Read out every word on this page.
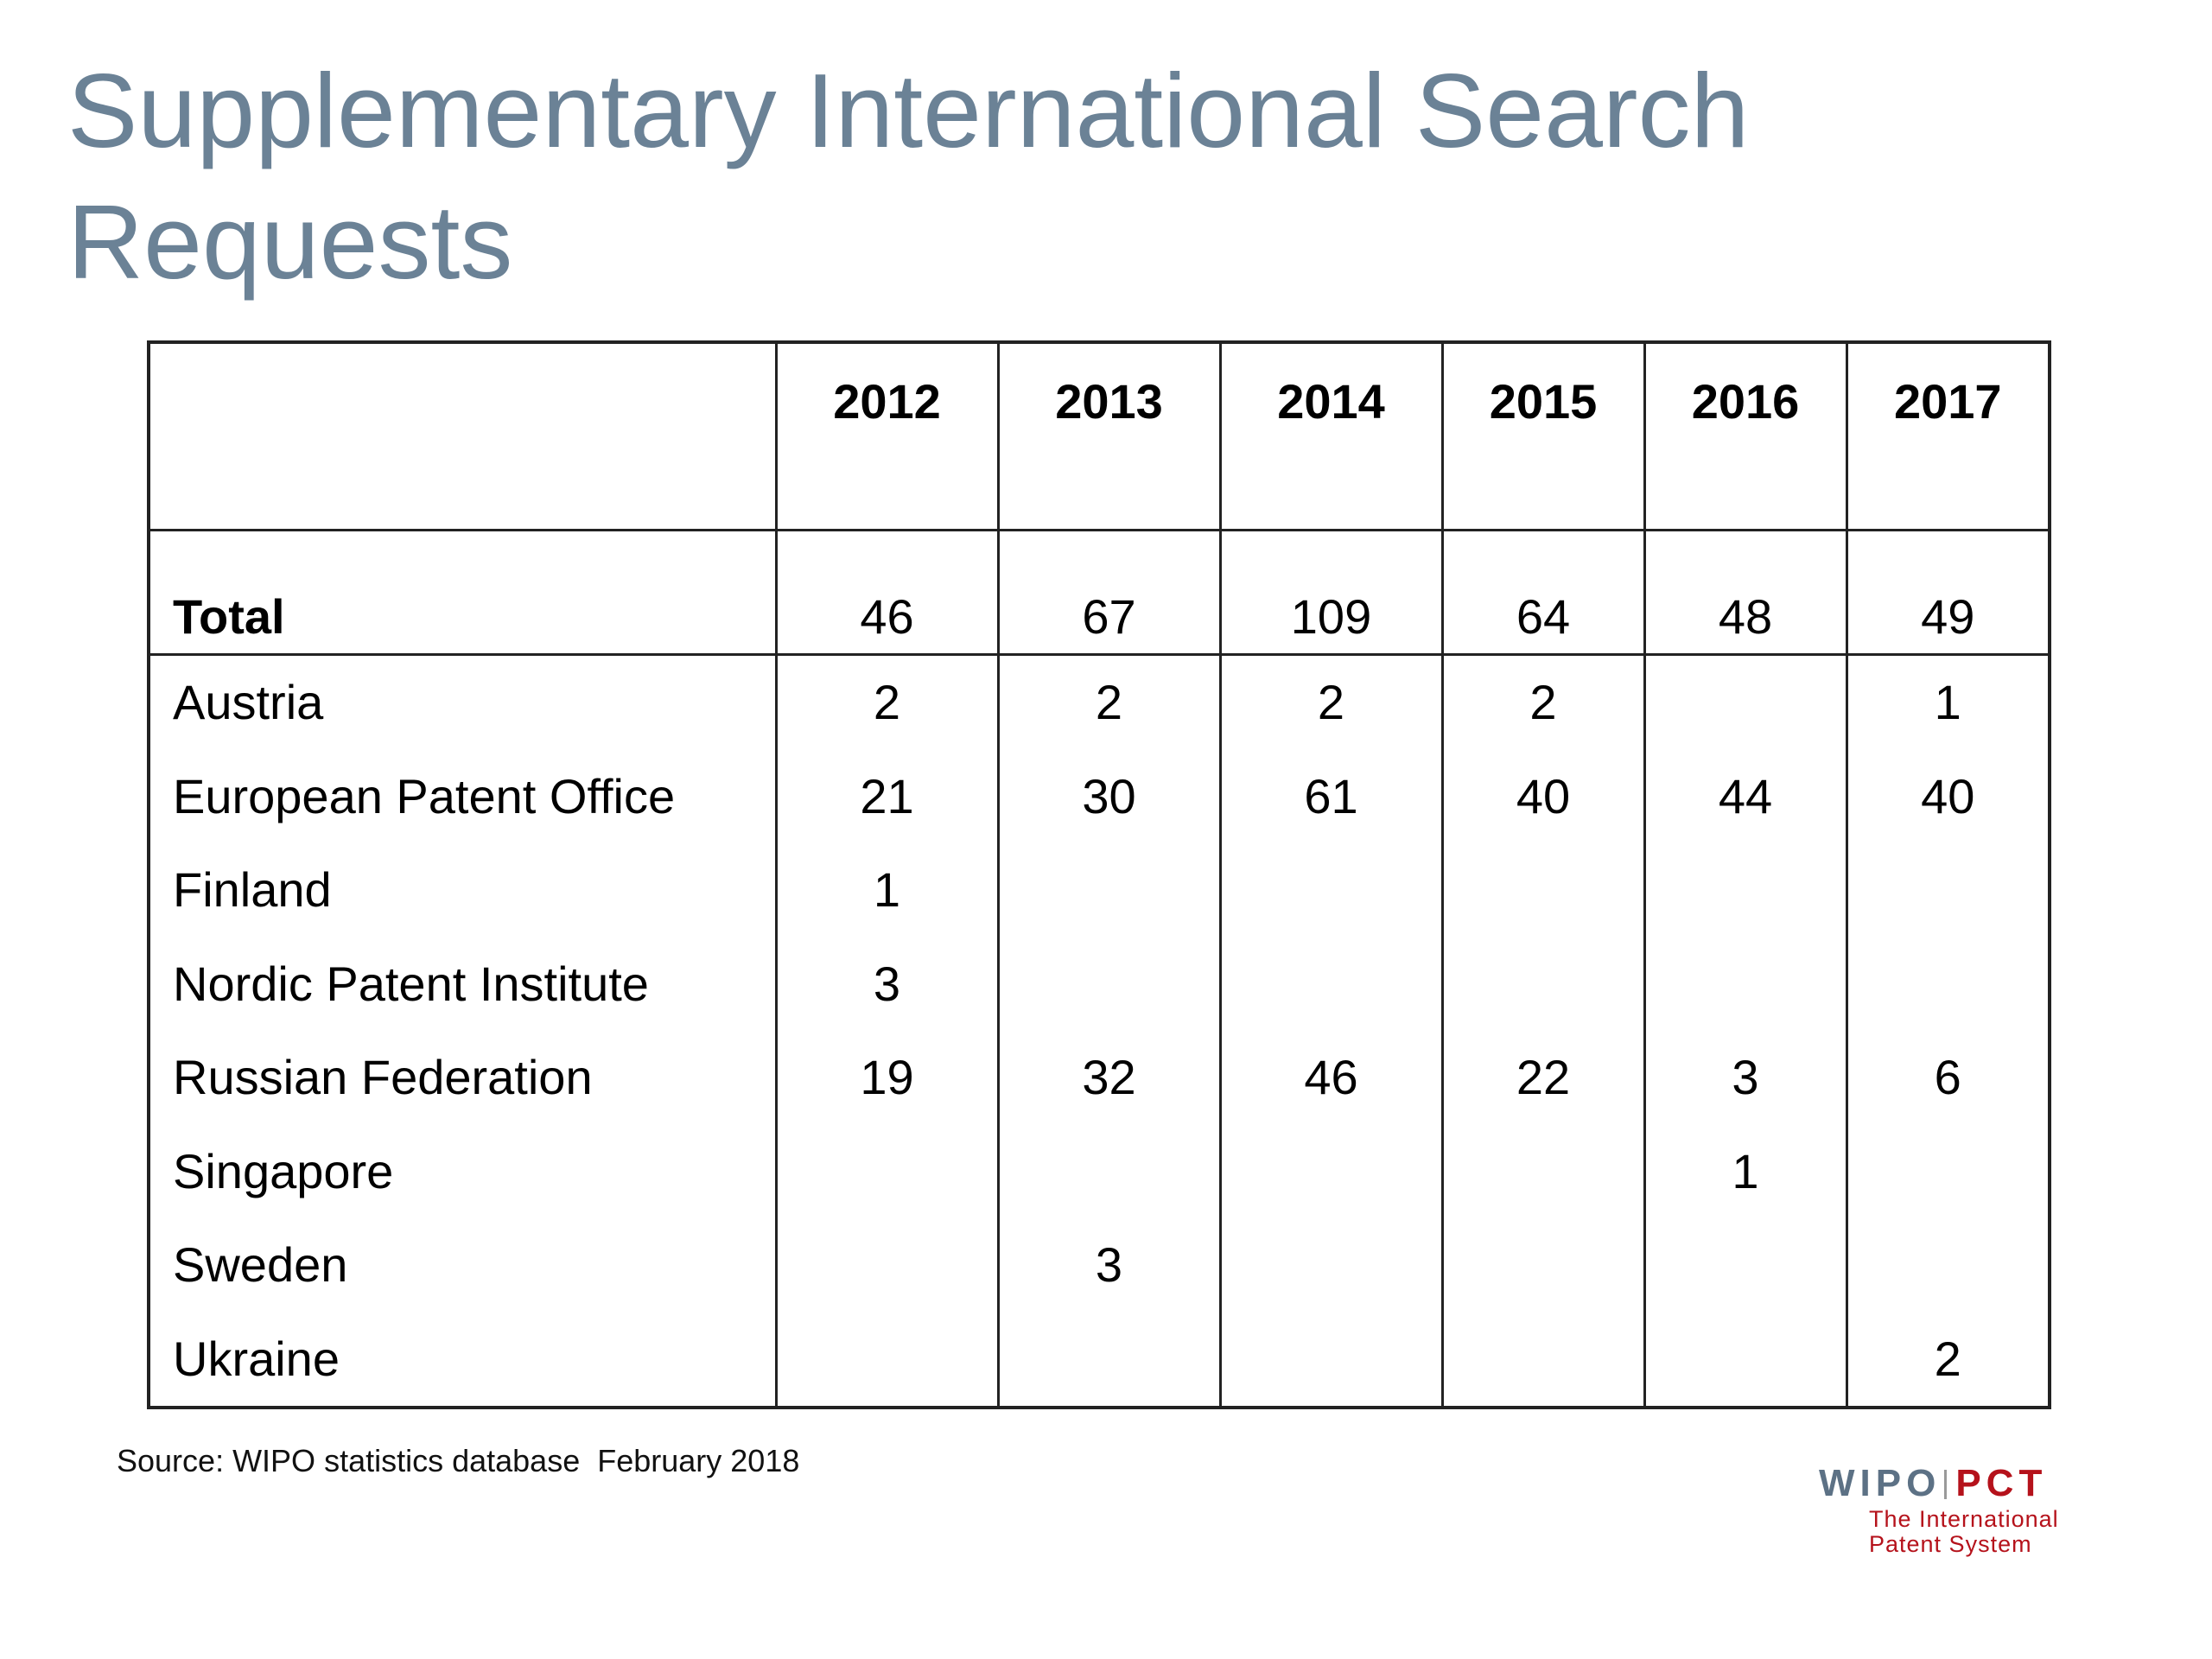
Supplementary International Search Requests
	2012	2013	2014	2015	2016	2017
Total	46	67	109	64	48	49
Austria	2	2	2	2		1
European Patent Office	21	30	61	40	44	40
Finland	1					
Nordic Patent Institute	3					
Russian Federation	19	32	46	22	3	6
Singapore					1	
Sweden		3				
Ukraine						2
Source: WIPO statistics database  February 2018
WIPO PCT
The International
Patent System
